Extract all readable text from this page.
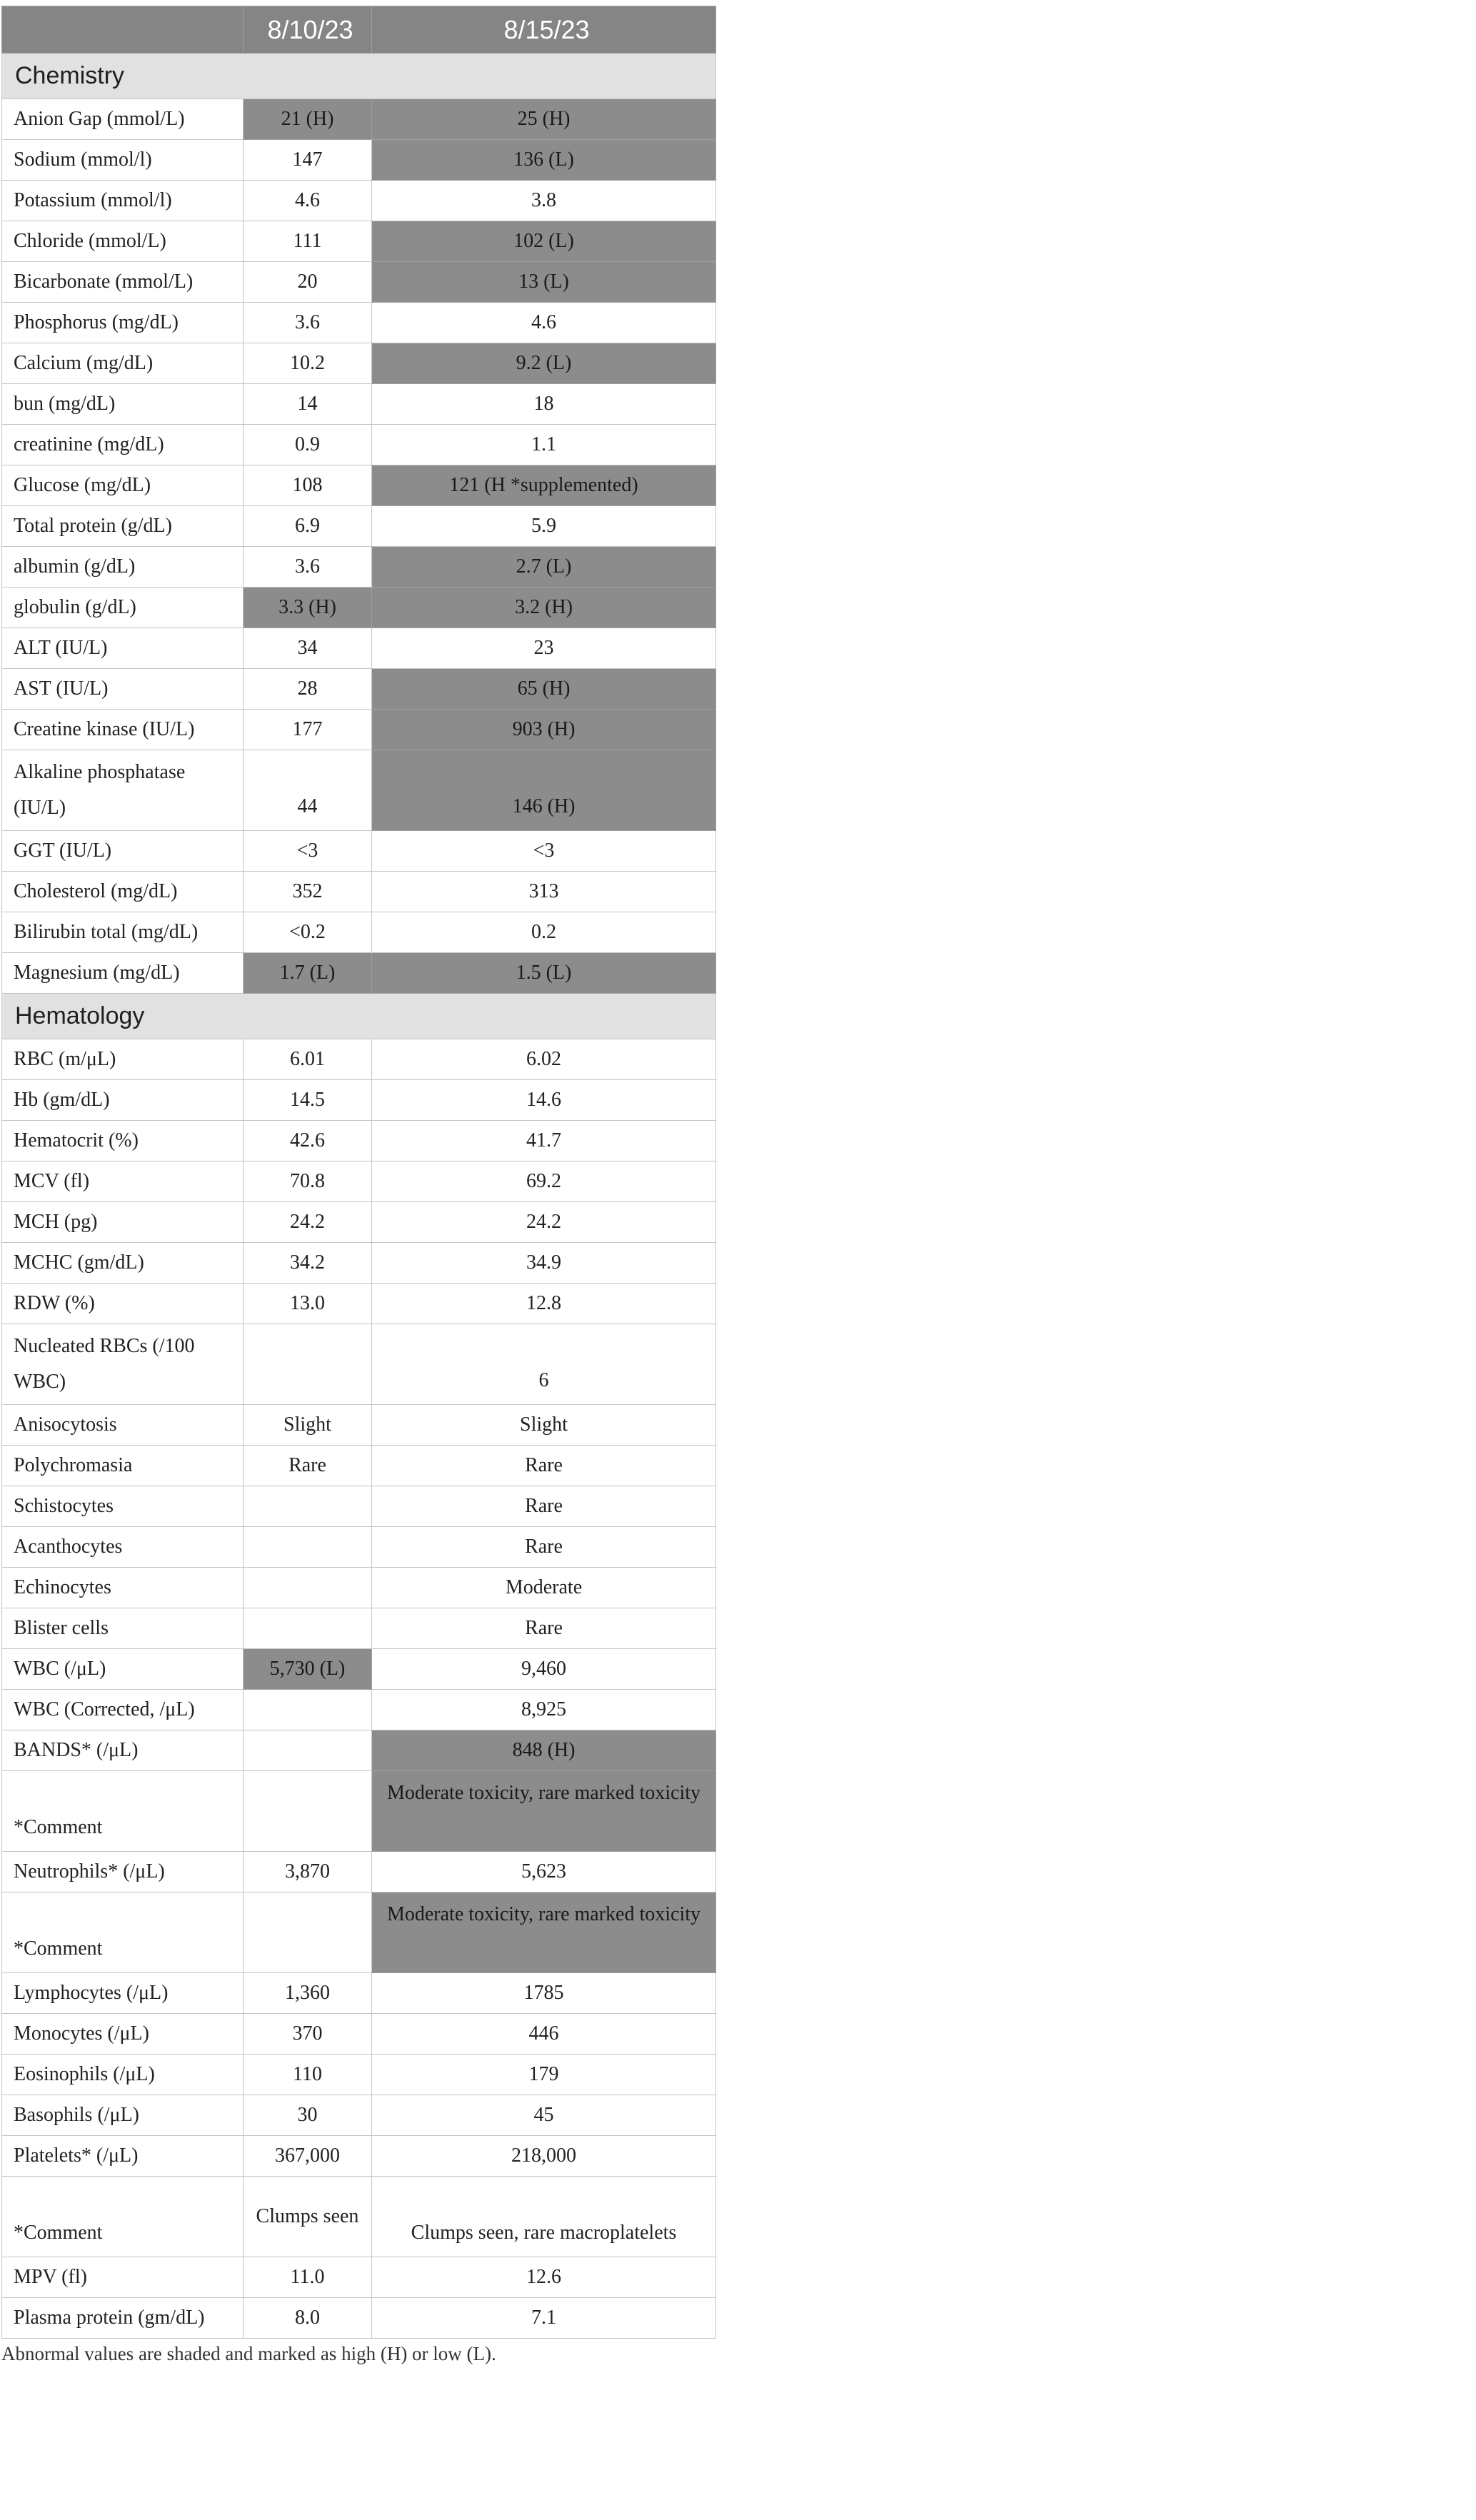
	8/10/23	8/15/23
Chemistry		
Anion Gap (mmol/L)	21 (H)	25 (H)
Sodium (mmol/l)	147	136 (L)
Potassium (mmol/l)	4.6	3.8
Chloride (mmol/L)	111	102 (L)
Bicarbonate (mmol/L)	20	13 (L)
Phosphorus (mg/dL)	3.6	4.6
Calcium (mg/dL)	10.2	9.2 (L)
bun (mg/dL)	14	18
creatinine (mg/dL)	0.9	1.1
Glucose (mg/dL)	108	121 (H *supplemented)
Total protein (g/dL)	6.9	5.9
albumin (g/dL)	3.6	2.7 (L)
globulin (g/dL)	3.3 (H)	3.2 (H)
ALT (IU/L)	34	23
AST (IU/L)	28	65 (H)
Creatine kinase (IU/L)	177	903 (H)
Alkaline phosphatase (IU/L)	44	146 (H)
GGT (IU/L)	<3	<3
Cholesterol (mg/dL)	352	313
Bilirubin total (mg/dL)	<0.2	0.2
Magnesium (mg/dL)	1.7 (L)	1.5 (L)
Hematology		
RBC (m/μL)	6.01	6.02
Hb (gm/dL)	14.5	14.6
Hematocrit (%)	42.6	41.7
MCV (fl)	70.8	69.2
MCH (pg)	24.2	24.2
MCHC (gm/dL)	34.2	34.9
RDW (%)	13.0	12.8
Nucleated RBCs (/100 WBC)		6
Anisocytosis	Slight	Slight
Polychromasia	Rare	Rare
Schistocytes		Rare
Acanthocytes		Rare
Echinocytes		Moderate
Blister cells		Rare
WBC (/μL)	5,730 (L)	9,460
WBC (Corrected, /μL)		8,925
BANDS* (/μL)		848 (H)
*Comment		Moderate toxicity, rare marked toxicity
Neutrophils* (/μL)	3,870	5,623
*Comment		Moderate toxicity, rare marked toxicity
Lymphocytes (/μL)	1,360	1785
Monocytes (/μL)	370	446
Eosinophils (/μL)	110	179
Basophils (/μL)	30	45
Platelets* (/μL)	367,000	218,000
*Comment	Clumps seen	Clumps seen, rare macroplatelets
MPV (fl)	11.0	12.6
Plasma protein (gm/dL)	8.0	7.1
Abnormal values are shaded and marked as high (H) or low (L).
